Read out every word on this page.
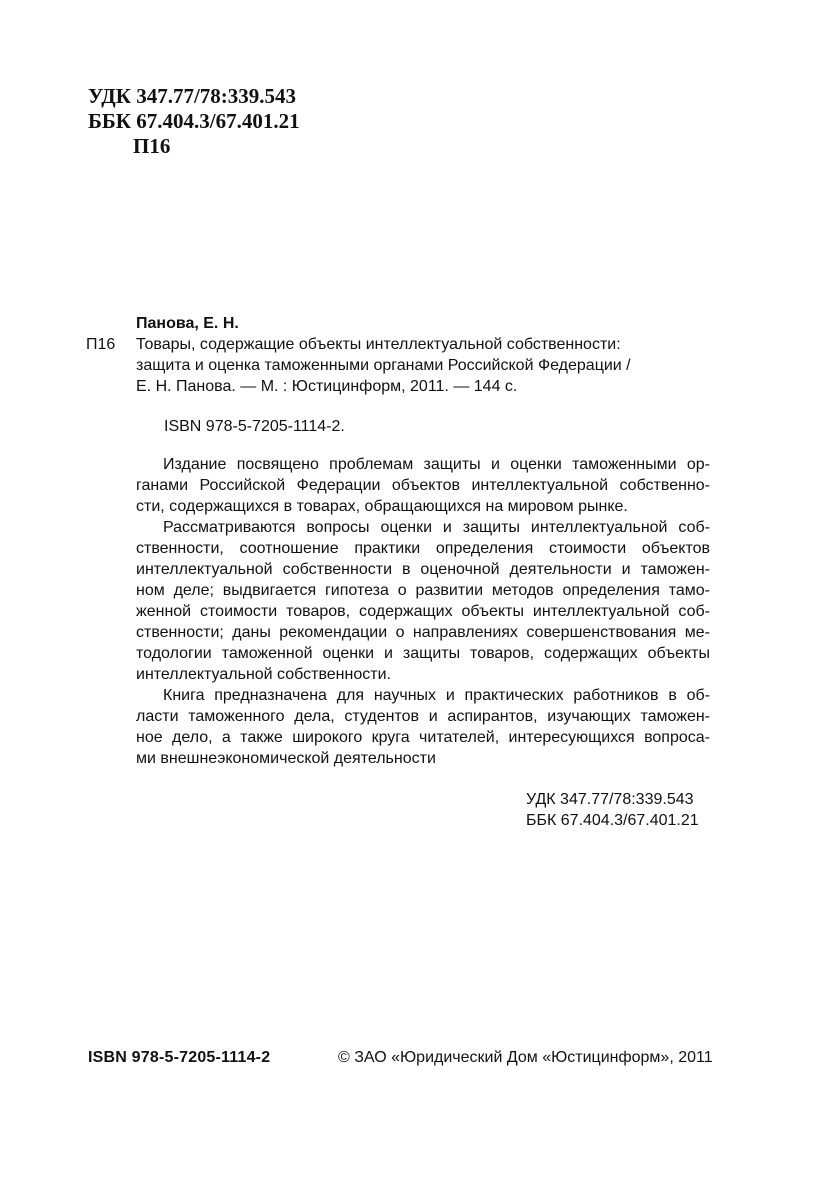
УДК 347.77/78:339.543
ББК 67.404.3/67.401.21
П16
Панова, Е. Н.
П16	Товары, содержащие объекты интеллектуальной собственности:
защита и оценка таможенными органами Российской Федерации /
Е. Н. Панова. — М. : Юстицинформ, 2011. — 144 с.
ISBN 978-5-7205-1114-2.

Издание посвящено проблемам защиты и оценки таможенными ор-
ганами Российской Федерации объектов интеллектуальной собственно-
сти, содержащихся в товарах, обращающихся на мировом рынке.

Рассматриваются вопросы оценки и защиты интеллектуальной соб-
ственности, соотношение практики определения стоимости объектов
интеллектуальной собственности в оценочной деятельности и таможен-
ном деле; выдвигается гипотеза о развитии методов определения тамо-
женной стоимости товаров, содержащих объекты интеллектуальной соб-
ственности; даны рекомендации о направлениях совершенствования ме-
тодологии таможенной оценки и защиты товаров, содержащих объекты
интеллектуальной собственности.

Книга предназначена для научных и практических работников в об-
ласти таможенного дела, студентов и аспирантов, изучающих таможен-
ное дело, а также широкого круга читателей, интересующихся вопроса-
ми внешнеэкономической деятельности

УДК 347.77/78:339.543
ББК 67.404.3/67.401.21
ISBN 978-5-7205-1114-2	© ЗАО «Юридический Дом «Юстицинформ», 2011
